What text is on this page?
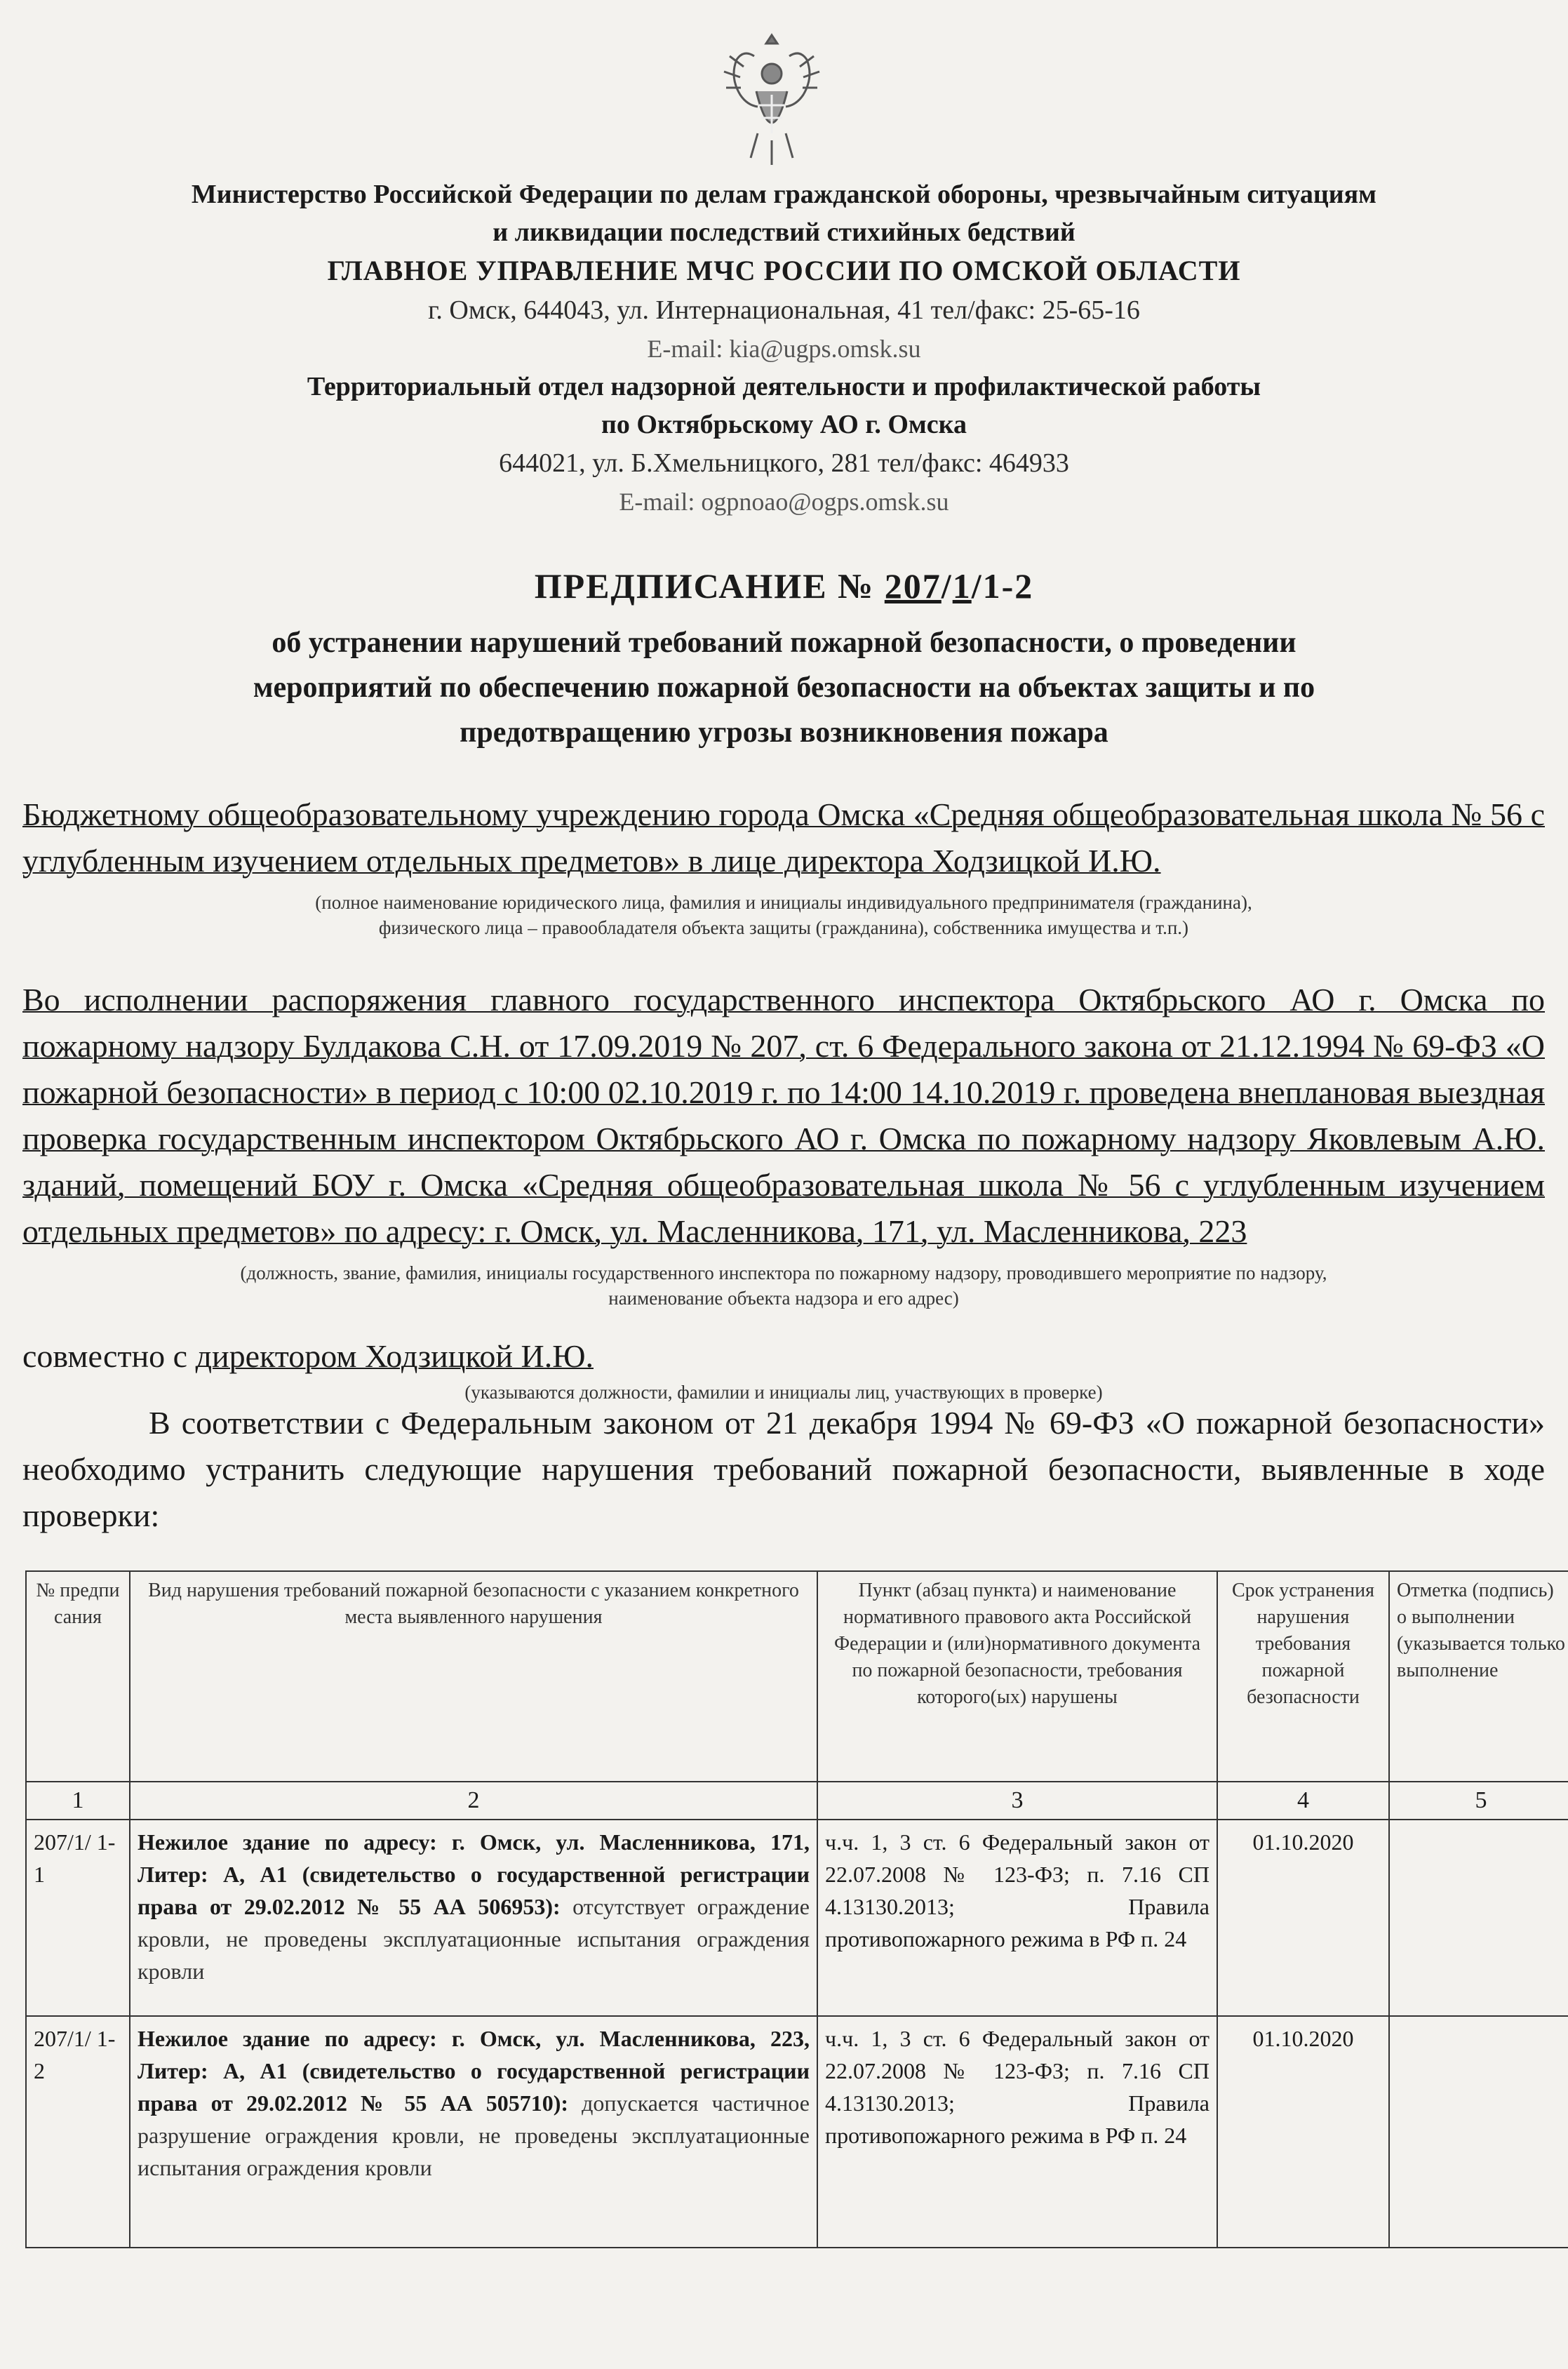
Министерство Российской Федерации по делам гражданской обороны, чрезвычайным ситуациям
и ликвидации последствий стихийных бедствий
ГЛАВНОЕ УПРАВЛЕНИЕ МЧС РОССИИ ПО ОМСКОЙ ОБЛАСТИ
г. Омск, 644043, ул. Интернациональная, 41 тел/факс: 25-65-16
E-mail: kia@ugps.omsk.su
Территориальный отдел надзорной деятельности и профилактической работы
по Октябрьскому АО г. Омска
644021, ул. Б.Хмельницкого, 281 тел/факс: 464933
E-mail: ogpnoao@ogps.omsk.su
ПРЕДПИСАНИЕ № 207/1/1-2
об устранении нарушений требований пожарной безопасности, о проведении
мероприятий по обеспечению пожарной безопасности на объектах защиты и по
предотвращению угрозы возникновения пожара
Бюджетному общеобразовательному учреждению города Омска «Средняя общеобразовательная школа № 56 с углубленным изучением отдельных предметов» в лице директора Ходзицкой И.Ю.
(полное наименование юридического лица, фамилия и инициалы индивидуального предпринимателя (гражданина),
физического лица – правообладателя объекта защиты (гражданина), собственника имущества и т.п.)
Во исполнении распоряжения главного государственного инспектора Октябрьского АО г. Омска по пожарному надзору Булдакова С.Н. от 17.09.2019 № 207, ст. 6 Федерального закона от 21.12.1994 № 69-ФЗ «О пожарной безопасности» в период с 10:00 02.10.2019 г. по 14:00 14.10.2019 г. проведена внеплановая выездная проверка государственным инспектором Октябрьского АО г. Омска по пожарному надзору Яковлевым А.Ю. зданий, помещений БОУ г. Омска «Средняя общеобразовательная школа № 56 с углубленным изучением отдельных предметов» по адресу: г. Омск, ул. Масленникова, 171, ул. Масленникова, 223
(должность, звание, фамилия, инициалы государственного инспектора по пожарному надзору, проводившего мероприятие по надзору,
наименование объекта надзора и его адрес)
совместно с директором Ходзицкой И.Ю.
(указываются должности, фамилии и инициалы лиц, участвующих в проверке)
В соответствии с Федеральным законом от 21 декабря 1994 № 69-ФЗ «О пожарной безопасности» необходимо устранить следующие нарушения требований пожарной безопасности, выявленные в ходе проверки:
№ предпи сания	Вид нарушения требований пожарной безопасности с указанием конкретного места выявленного нарушения	Пункт (абзац пункта) и наименование нормативного правового акта Российской Федерации и (или)нормативного документа по пожарной безопасности, требования которого(ых) нарушены	Срок устранения нарушения требования пожарной безопасности	Отметка (подпись) о выполнении (указывается только выполнение
1	2	3	4	5
207/1/ 1-1	Нежилое здание по адресу: г. Омск, ул. Масленникова, 171, Литер: А, А1 (свидетельство о государственной регистрации права от 29.02.2012 № 55 АА 506953): отсутствует ограждение кровли, не проведены эксплуатационные испытания ограждения кровли	ч.ч. 1, 3 ст. 6 Федеральный закон от 22.07.2008 № 123-ФЗ; п. 7.16 СП 4.13130.2013; Правила противопожарного режима в РФ п. 24	01.10.2020	
207/1/ 1-2	Нежилое здание по адресу: г. Омск, ул. Масленникова, 223, Литер: А, А1 (свидетельство о государственной регистрации права от 29.02.2012 № 55 АА 505710): допускается частичное разрушение ограждения кровли, не проведены эксплуатационные испытания ограждения кровли	ч.ч. 1, 3 ст. 6 Федеральный закон от 22.07.2008 № 123-ФЗ; п. 7.16 СП 4.13130.2013; Правила противопожарного режима в РФ п. 24	01.10.2020	
